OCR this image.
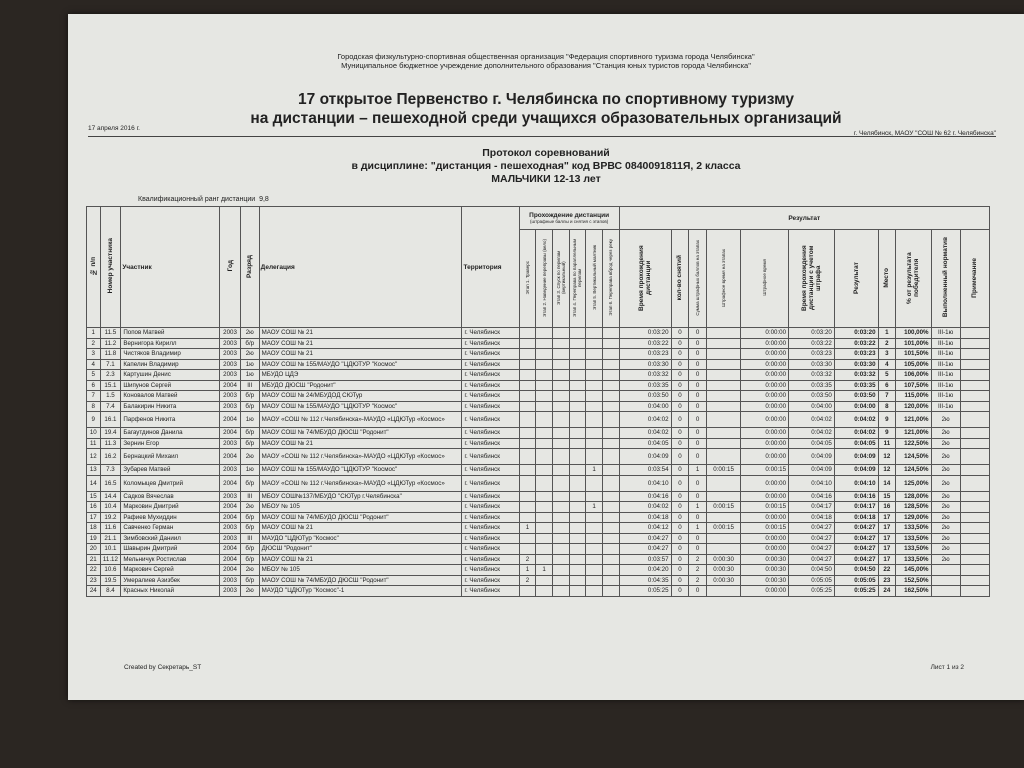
Городская физкультурно-спортивная общественная организация "Федерация спортивного туризма города Челябинска"
Муниципальное бюджетное учреждение дополнительного образования "Станция юных туристов города Челябинска"
17 открытое Первенство г. Челябинска по спортивному туризму
на дистанции – пешеходной среди учащихся образовательных организаций
17 апреля 2016 г.
г. Челябинск, МАОУ "СОШ № 62 г. Челябинска"
Протокол соревнований
в дисциплине: "дистанция - пешеходная" код ВРВС 0840091811Я, 2 класса
МАЛЬЧИКИ 12-13 лет
Квалификационный ранг дистанции 9,8
№ п/п	Номер участника	Участник	Год	Разряд	Делегация	Территория	Прохождение дистанции
(штрафные баллы и снятия с этапов)						Результат										
							Этап 1. Траверс	Этап 2. Наведение переправы (вело)	Этап 3. Спуск по перилам (вертикальный)	Этап 4. Переправа по параллельным перилам	Этап 5. Вертикальный маятник	Этап 6. Переправа вброд через реку	Время прохождения дистанции	кол-во снятий	Сумма штрафных баллов на этапах	Штрафное время на этапах	Штрафное время	Время прохождения дистанции с учетом штрафа	Результат	Место	% от результата победителя	Выполненный норматив	Примечание
1	11.5	Попов Матвей	2003	2ю	МАОУ СОШ № 21	г. Челябинск							0:03:20	0	0		0:00:00	0:03:20	0:03:20	1	100,00%	III-1ю	
2	11.2	Вернигора Кирилл	2003	б/р	МАОУ СОШ № 21	г. Челябинск							0:03:22	0	0		0:00:00	0:03:22	0:03:22	2	101,00%	III-1ю	
3	11.8	Чистяков Владимир	2003	2ю	МАОУ СОШ № 21	г. Челябинск							0:03:23	0	0		0:00:00	0:03:23	0:03:23	3	101,50%	III-1ю	
4	7.1	Капелин Владимир	2003	1ю	МАОУ СОШ № 155/МАУДО "ЦДЮТУР "Космос"	г. Челябинск							0:03:30	0	0		0:00:00	0:03:30	0:03:30	4	105,00%	III-1ю	
5	2.3	Картушин Денис	2003	1ю	МБУДО ЦДЭ	г. Челябинск							0:03:32	0	0		0:00:00	0:03:32	0:03:32	5	106,00%	III-1ю	
6	15.1	Шипунов Сергей	2004	III	МБУДО ДЮСШ "Родонит"	г. Челябинск							0:03:35	0	0		0:00:00	0:03:35	0:03:35	6	107,50%	III-1ю	
7	1.5	Коновалов Матвей	2003	б/р	МАОУ СОШ № 24/МБУДОД СЮТур	г. Челябинск							0:03:50	0	0		0:00:00	0:03:50	0:03:50	7	115,00%	III-1ю	
8	7.4	Балакирин Никита	2003	б/р	МАОУ СОШ № 155/МАУДО "ЦДЮТУР "Космос"	г. Челябинск							0:04:00	0	0		0:00:00	0:04:00	0:04:00	8	120,00%	III-1ю	
9	16.1	Парфенов Никита	2004	1ю	МАОУ «СОШ № 112 г.Челябинска»-МАУДО «ЦДЮТур «Космос»	г. Челябинск							0:04:02	0	0		0:00:00	0:04:02	0:04:02	9	121,00%	2ю	
10	19.4	Багаутдинов Данила	2004	б/р	МАОУ СОШ № 74/МБУДО ДЮСШ "Родонит"	г. Челябинск							0:04:02	0	0		0:00:00	0:04:02	0:04:02	9	121,00%	2ю	
11	11.3	Зернин Егор	2003	б/р	МАОУ СОШ № 21	г. Челябинск							0:04:05	0	0		0:00:00	0:04:05	0:04:05	11	122,50%	2ю	
12	16.2	Бернацкий Михаил	2004	2ю	МАОУ «СОШ № 112 г.Челябинска»-МАУДО «ЦДЮТур «Космос»	г. Челябинск							0:04:09	0	0		0:00:00	0:04:09	0:04:09	12	124,50%	2ю	
13	7.3	Зубарев Матвей	2003	1ю	МАОУ СОШ № 155/МАУДО "ЦДЮТУР "Космос"	г. Челябинск					1		0:03:54	0	1	0:00:15	0:00:15	0:04:09	0:04:09	12	124,50%	2ю	
14	16.5	Коломыцев Дмитрий	2004	б/р	МАОУ «СОШ № 112 г.Челябинска»-МАУДО «ЦДЮТур «Космос»	г. Челябинск							0:04:10	0	0		0:00:00	0:04:10	0:04:10	14	125,00%	2ю	
15	14.4	Садков Вячеслав	2003	III	МБОУ СОШ№137/МБУДО "СЮТур г.Челябинска"	г. Челябинск							0:04:16	0	0		0:00:00	0:04:16	0:04:16	15	128,00%	2ю	
16	10.4	Марковин Дмитрий	2004	2ю	МБОУ № 105	г. Челябинск					1		0:04:02	0	1	0:00:15	0:00:15	0:04:17	0:04:17	16	128,50%	2ю	
17	19.2	Рафиев Мухиддин	2004	б/р	МАОУ СОШ № 74/МБУДО ДЮСШ "Родонит"	г. Челябинск							0:04:18	0	0		0:00:00	0:04:18	0:04:18	17	129,00%	2ю	
18	11.6	Савченко Герман	2003	б/р	МАОУ СОШ № 21	г. Челябинск	1						0:04:12	0	1	0:00:15	0:00:15	0:04:27	0:04:27	17	133,50%	2ю	
19	21.1	Зимбовский Даниил	2003	III	МАУДО "ЦДЮТур "Космос"	г. Челябинск							0:04:27	0	0		0:00:00	0:04:27	0:04:27	17	133,50%	2ю	
20	10.1	Шавырин Дмитрий	2004	б/р	ДЮСШ "Родонит"	г. Челябинск							0:04:27	0	0		0:00:00	0:04:27	0:04:27	17	133,50%	2ю	
21	11.12	Мельничук Ростислав	2004	б/р	МАОУ СОШ № 21	г. Челябинск	2						0:03:57	0	2	0:00:30	0:00:30	0:04:27	0:04:27	17	133,50%	2ю	
22	10.6	Маркович Сергей	2004	2ю	МБОУ № 105	г. Челябинск	1	1					0:04:20	0	2	0:00:30	0:00:30	0:04:50	0:04:50	22	145,00%		
23	19.5	Умералиев Азизбек	2003	б/р	МАОУ СОШ № 74/МБУДО ДЮСШ "Родонит"	г. Челябинск	2						0:04:35	0	2	0:00:30	0:00:30	0:05:05	0:05:05	23	152,50%		
24	8.4	Красных Николай	2003	2ю	МАУДО "ЦДЮТур "Космос"-1	г. Челябинск							0:05:25	0	0		0:00:00	0:05:25	0:05:25	24	162,50%		
Created by Секретарь_ST	Лист 1 из 2
